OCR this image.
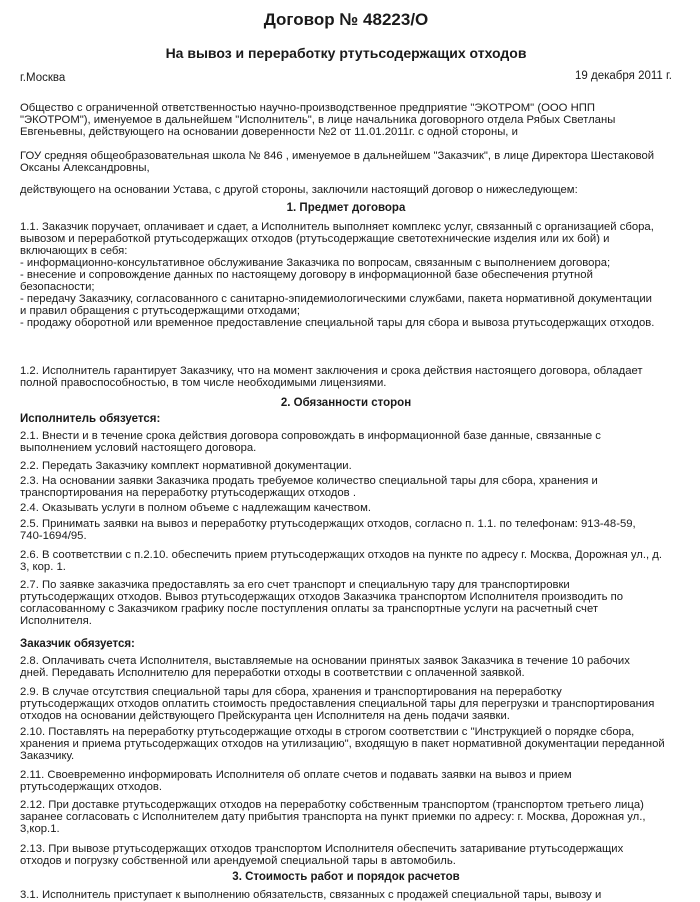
Договор № 48223/О
На вывоз и переработку ртутьсодержащих отходов
г.Москва	19 декабря 2011 г.
Общество с ограниченной ответственностью научно-производственное предприятие "ЭКОТРОМ" (ООО НПП
"ЭКОТРОМ"), именуемое в дальнейшем "Исполнитель", в лице начальника договорного отдела Рябых Светланы
Евгеньевны, действующего на основании доверенности №2 от 11.01.2011г. с одной стороны, и
ГОУ средняя общеобразовательная школа № 846 , именуемое в дальнейшем "Заказчик", в лице Директора Шестаковой
Оксаны Александровны,
действующего на основании Устава, с другой стороны, заключили настоящий договор о нижеследующем:
1. Предмет договора
1.1. Заказчик поручает, оплачивает и сдает, а Исполнитель выполняет комплекс услуг, связанный с организацией сбора,
вывозом и переработкой ртутьсодержащих отходов (ртутьсодержащие светотехнические изделия или их бой) и
включающих в себя:
- информационно-консультативное обслуживание Заказчика по вопросам, связанным с выполнением договора;
- внесение и сопровождение данных по настоящему договору в информационной базе обеспечения ртутной
безопасности;
- передачу Заказчику, согласованного с санитарно-эпидемиологическими службами, пакета нормативной документации
и правил обращения с ртутьсодержащими отходами;
- продажу оборотной или временное предоставление специальной тары для сбора и вывоза ртутьсодержащих отходов.
1.2. Исполнитель гарантирует Заказчику, что на момент заключения и срока действия настоящего договора, обладает
полной правоспособностью, в том числе необходимыми лицензиями.
2. Обязанности сторон
Исполнитель обязуется:
2.1. Внести и в течение срока действия договора сопровождать в информационной базе данные, связанные с
выполнением условий настоящего договора.
2.2. Передать Заказчику комплект нормативной документации.
2.3. На основании заявки Заказчика продать требуемое количество специальной тары для сбора, хранения и
транспортирования на переработку ртутьсодержащих отходов .
2.4. Оказывать услуги в полном объеме с надлежащим качеством.
2.5. Принимать заявки на вывоз и переработку ртутьсодержащих отходов, согласно п. 1.1. по телефонам: 913-48-59,
740-1694/95.
2.6. В соответствии с п.2.10. обеспечить прием ртутьсодержащих отходов на пункте по адресу г. Москва, Дорожная ул., д.
3, кор. 1.
2.7. По заявке заказчика предоставлять за его счет транспорт и специальную тару для транспортировки
ртутьсодержащих отходов. Вывоз ртутьсодержащих отходов Заказчика транспортом Исполнителя производить по
согласованному с Заказчиком графику после поступления оплаты за транспортные услуги на расчетный счет
Исполнителя.
Заказчик обязуется:
2.8. Оплачивать счета Исполнителя, выставляемые на основании принятых заявок Заказчика в течение 10 рабочих
дней. Передавать Исполнителю для переработки отходы в соответствии с оплаченной заявкой.
2.9. В случае отсутствия специальной тары для сбора, хранения и транспортирования на переработку
ртутьсодержащих отходов оплатить стоимость предоставления специальной тары для перегрузки и транспортирования
отходов на основании действующего Прейскуранта цен Исполнителя на день подачи заявки.
2.10. Поставлять на переработку ртутьсодержащие отходы в строгом соответствии с "Инструкцией о порядке сбора,
хранения и приема ртутьсодержащих отходов на утилизацию", входящую в пакет нормативной документации переданной
Заказчику.
2.11. Своевременно информировать Исполнителя об оплате счетов и подавать заявки на вывоз и прием
ртутьсодержащих отходов.
2.12. При доставке ртутьсодержащих отходов на переработку собственным транспортом (транспортом третьего лица)
заранее согласовать с Исполнителем дату прибытия транспорта на пункт приемки по адресу: г. Москва, Дорожная ул.,
3,кор.1.
2.13. При вывозе ртутьсодержащих отходов транспортом Исполнителя обеспечить затаривание ртутьсодержащих
отходов и погрузку собственной или арендуемой специальной тары в автомобиль.
3. Стоимость работ и порядок расчетов
3.1. Исполнитель приступает к выполнению обязательств, связанных с продажей специальной тары, вывозу и
